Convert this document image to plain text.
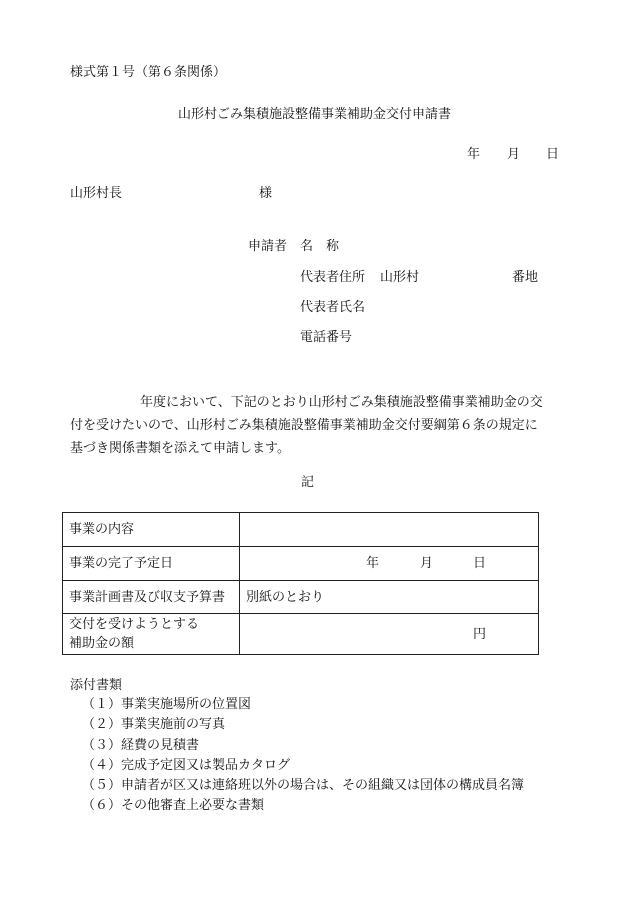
様式第１号（第６条関係）
山形村ごみ集積施設整備事業補助金交付申請書
年 月 日
山形村長	様
申請者 名　称
代表者住所 山形村	番地
代表者氏名
電話番号
年度において、下記のとおり山形村ごみ集積施設整備事業補助金の交
付を受けたいので、山形村ごみ集積施設整備事業補助金交付要綱第６条の規定に
基づき関係書類を添えて申請します。
記
事業の内容	
事業の完了予定日	年 月 日

事業計画書及び収支予算書	別紙のとおり

交付を受けようとする
補助金の額	円
添付書類
（１）事業実施場所の位置図
（２）事業実施前の写真
（３）経費の見積書
（４）完成予定図又は製品カタログ
（５）申請者が区又は連絡班以外の場合は、その組織又は団体の構成員名簿
（６）その他審査上必要な書類
